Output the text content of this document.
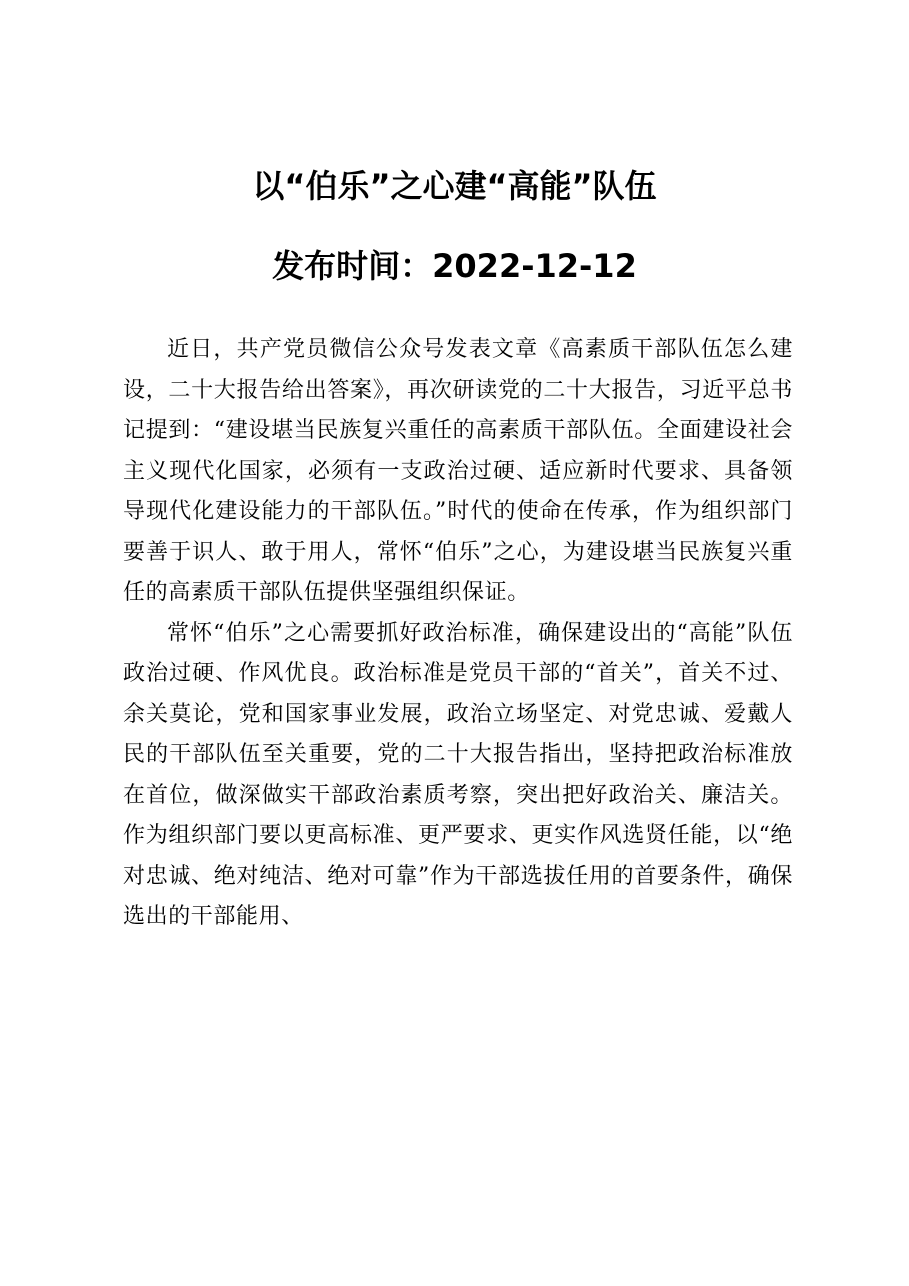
以“伯乐”之心建“高能”队伍
发布时间：2022-12-12

近日，共产党员微信公众号发表文章《高素质干部队伍怎么建设，二十大报告给出答案》，再次研读党的二十大报告，习近平总书记提到：“建设堪当民族复兴重任的高素质干部队伍。全面建设社会主义现代化国家，必须有一支政治过硬、适应新时代要求、具备领导现代化建设能力的干部队伍。”时代的使命在传承，作为组织部门要善于识人、敢于用人，常怀“伯乐”之心，为建设堪当民族复兴重任的高素质干部队伍提供坚强组织保证。

常怀“伯乐”之心需要抓好政治标准，确保建设出的“高能”队伍政治过硬、作风优良。政治标准是党员干部的“首关”，首关不过、余关莫论，党和国家事业发展，政治立场坚定、对党忠诚、爱戴人民的干部队伍至关重要，党的二十大报告指出，坚持把政治标准放在首位，做深做实干部政治素质考察，突出把好政治关、廉洁关。作为组织部门要以更高标准、更严要求、更实作风选贤任能，以“绝对忠诚、绝对纯洁、绝对可靠”作为干部选拔任用的首要条件，确保选出的干部能用、
